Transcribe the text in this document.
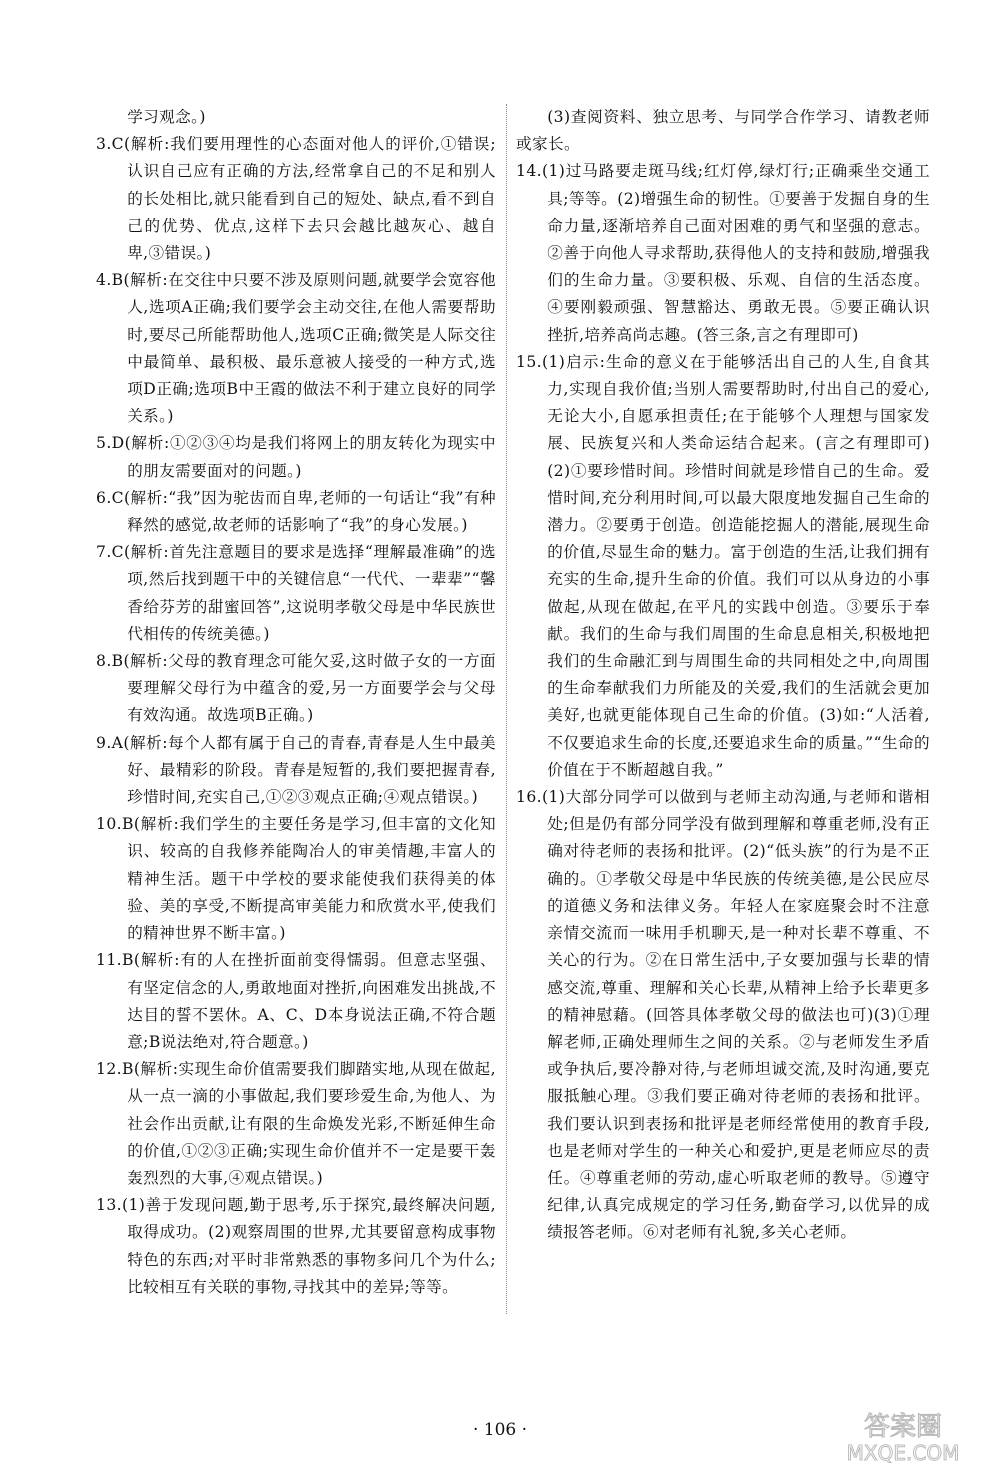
学习观念。)

3.C(解析:我们要用理性的心态面对他人的评价,①错误;认识自己应有正确的方法,经常拿自己的不足和别人的长处相比,就只能看到自己的短处、缺点,看不到自己的优势、优点,这样下去只会越比越灰心、越自卑,③错误。)

4.B(解析:在交往中只要不涉及原则问题,就要学会宽容他人,选项A正确;我们要学会主动交往,在他人需要帮助时,要尽己所能帮助他人,选项C正确;微笑是人际交往中最简单、最积极、最乐意被人接受的一种方式,选项D正确;选项B中王霞的做法不利于建立良好的同学关系。)

5.D(解析:①②③④均是我们将网上的朋友转化为现实中的朋友需要面对的问题。)

6.C(解析:“我”因为驼齿而自卑,老师的一句话让“我”有种释然的感觉,故老师的话影响了“我”的身心发展。)

7.C(解析:首先注意题目的要求是选择“理解最准确”的选项,然后找到题干中的关键信息“一代代、一辈辈”“馨香给芬芳的甜蜜回答”,这说明孝敬父母是中华民族世代相传的传统美德。)

8.B(解析:父母的教育理念可能欠妥,这时做子女的一方面要理解父母行为中蕴含的爱,另一方面要学会与父母有效沟通。故选项B正确。)

9.A(解析:每个人都有属于自己的青春,青春是人生中最美好、最精彩的阶段。青春是短暂的,我们要把握青春,珍惜时间,充实自己,①②③观点正确;④观点错误。)

10.B(解析:我们学生的主要任务是学习,但丰富的文化知识、较高的自我修养能陶冶人的审美情趣,丰富人的精神生活。题干中学校的要求能使我们获得美的体验、美的享受,不断提高审美能力和欣赏水平,使我们的精神世界不断丰富。)

11.B(解析:有的人在挫折面前变得懦弱。但意志坚强、有坚定信念的人,勇敢地面对挫折,向困难发出挑战,不达目的誓不罢休。A、C、D本身说法正确,不符合题意;B说法绝对,符合题意。)

12.B(解析:实现生命价值需要我们脚踏实地,从现在做起,从一点一滴的小事做起,我们要珍爱生命,为他人、为社会作出贡献,让有限的生命焕发光彩,不断延伸生命的价值,①②③正确;实现生命价值并不一定是要干轰轰烈烈的大事,④观点错误。)

13.(1)善于发现问题,勤于思考,乐于探究,最终解决问题,取得成功。(2)观察周围的世界,尤其要留意构成事物特色的东西;对平时非常熟悉的事物多问几个为什么;比较相互有关联的事物,寻找其中的差异;等等。

(3)查阅资料、独立思考、与同学合作学习、请教老师或家长。

14.(1)过马路要走斑马线;红灯停,绿灯行;正确乘坐交通工具;等等。(2)增强生命的韧性。①要善于发掘自身的生命力量,逐渐培养自己面对困难的勇气和坚强的意志。②善于向他人寻求帮助,获得他人的支持和鼓励,增强我们的生命力量。③要积极、乐观、自信的生活态度。④要刚毅顽强、智慧豁达、勇敢无畏。⑤要正确认识挫折,培养高尚志趣。(答三条,言之有理即可)

15.(1)启示:生命的意义在于能够活出自己的人生,自食其力,实现自我价值;当别人需要帮助时,付出自己的爱心,无论大小,自愿承担责任;在于能够个人理想与国家发展、民族复兴和人类命运结合起来。(言之有理即可)(2)①要珍惜时间。珍惜时间就是珍惜自己的生命。爱惜时间,充分利用时间,可以最大限度地发掘自己生命的潜力。②要勇于创造。创造能挖掘人的潜能,展现生命的价值,尽显生命的魅力。富于创造的生活,让我们拥有充实的生命,提升生命的价值。我们可以从身边的小事做起,从现在做起,在平凡的实践中创造。③要乐于奉献。我们的生命与我们周围的生命息息相关,积极地把我们的生命融汇到与周围生命的共同相处之中,向周围的生命奉献我们力所能及的关爱,我们的生活就会更加美好,也就更能体现自己生命的价值。(3)如:“人活着,不仅要追求生命的长度,还要追求生命的质量。”“生命的价值在于不断超越自我。”

16.(1)大部分同学可以做到与老师主动沟通,与老师和谐相处;但是仍有部分同学没有做到理解和尊重老师,没有正确对待老师的表扬和批评。(2)“低头族”的行为是不正确的。①孝敬父母是中华民族的传统美德,是公民应尽的道德义务和法律义务。年轻人在家庭聚会时不注意亲情交流而一味用手机聊天,是一种对长辈不尊重、不关心的行为。②在日常生活中,子女要加强与长辈的情感交流,尊重、理解和关心长辈,从精神上给予长辈更多的精神慰藉。(回答具体孝敬父母的做法也可)(3)①理解老师,正确处理师生之间的关系。②与老师发生矛盾或争执后,要冷静对待,与老师坦诚交流,及时沟通,要克服抵触心理。③我们要正确对待老师的表扬和批评。我们要认识到表扬和批评是老师经常使用的教育手段,也是老师对学生的一种关心和爱护,更是老师应尽的责任。④尊重老师的劳动,虚心听取老师的教导。⑤遵守纪律,认真完成规定的学习任务,勤奋学习,以优异的成绩报答老师。⑥对老师有礼貌,多关心老师。

· 106 ·	答案圈
MXQE.COM
